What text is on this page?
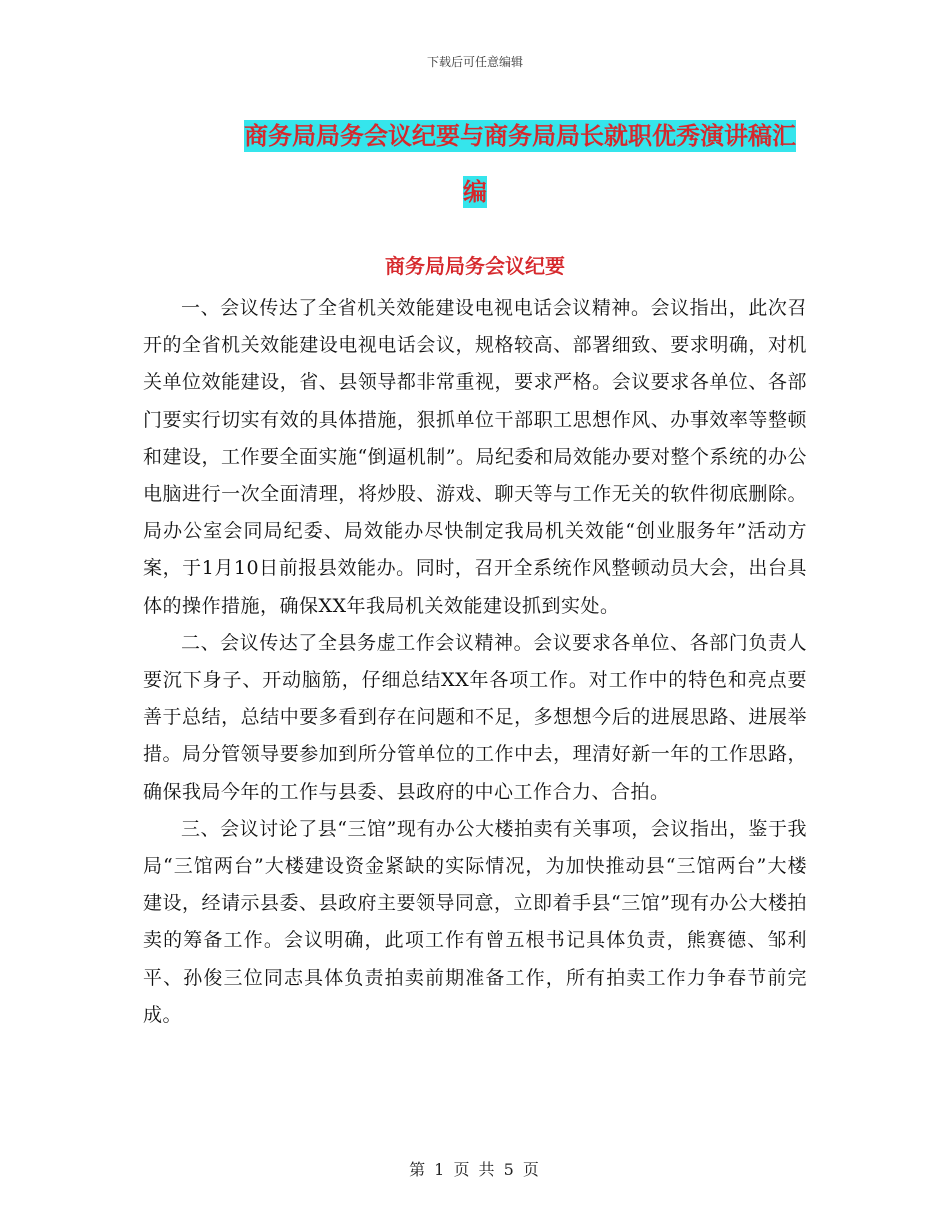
下载后可任意编辑
商务局局务会议纪要与商务局局长就职优秀演讲稿汇
编
商务局局务会议纪要

一、会议传达了全省机关效能建设电视电话会议精神。会议指出，此次召开的全省机关效能建设电视电话会议，规格较高、部署细致、要求明确，对机关单位效能建设，省、县领导都非常重视，要求严格。会议要求各单位、各部门要实行切实有效的具体措施，狠抓单位干部职工思想作风、办事效率等整顿和建设，工作要全面实施“倒逼机制”。局纪委和局效能办要对整个系统的办公电脑进行一次全面清理，将炒股、游戏、聊天等与工作无关的软件彻底删除。局办公室会同局纪委、局效能办尽快制定我局机关效能“创业服务年”活动方案，于1月10日前报县效能办。同时，召开全系统作风整顿动员大会，出台具体的操作措施，确保XX年我局机关效能建设抓到实处。

二、会议传达了全县务虚工作会议精神。会议要求各单位、各部门负责人要沉下身子、开动脑筋，仔细总结XX年各项工作。对工作中的特色和亮点要善于总结，总结中要多看到存在问题和不足，多想想今后的进展思路、进展举措。局分管领导要参加到所分管单位的工作中去，理清好新一年的工作思路，确保我局今年的工作与县委、县政府的中心工作合力、合拍。

三、会议讨论了县“三馆”现有办公大楼拍卖有关事项，会议指出，鉴于我局“三馆两台”大楼建设资金紧缺的实际情况，为加快推动县“三馆两台”大楼建设，经请示县委、县政府主要领导同意，立即着手县“三馆”现有办公大楼拍卖的筹备工作。会议明确，此项工作有曾五根书记具体负责，熊赛德、邹利平、孙俊三位同志具体负责拍卖前期准备工作，所有拍卖工作力争春节前完成。

第 1 页 共 5 页
